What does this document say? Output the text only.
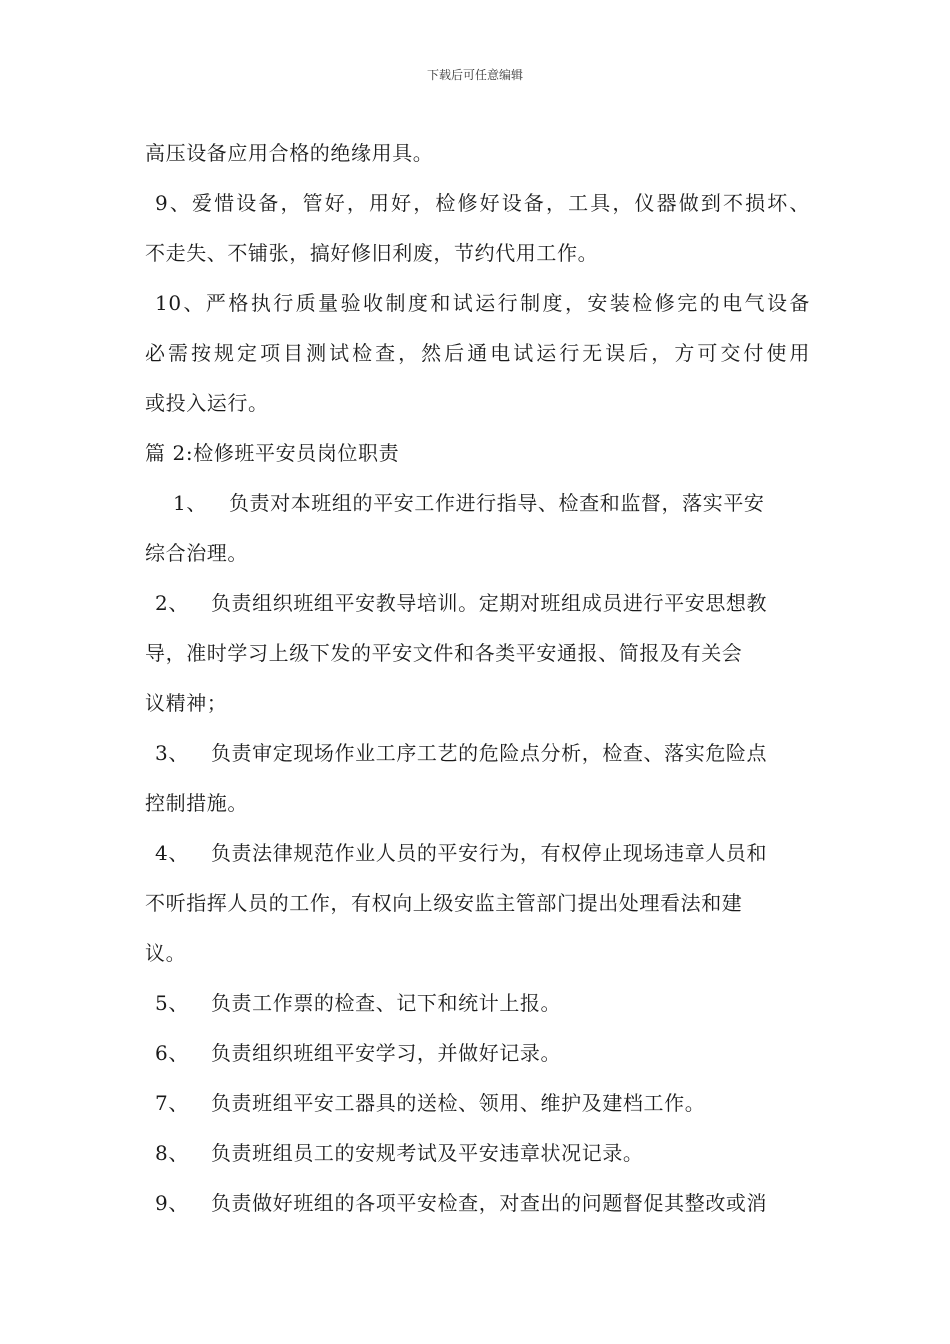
下载后可任意编辑
高压设备应用合格的绝缘用具。
9、爱惜设备，管好，用好，检修好设备，工具，仪器做到不损坏、
不走失、不铺张，搞好修旧利废，节约代用工作。
10、严格执行质量验收制度和试运行制度，安装检修完的电气设备
必需按规定项目测试检查，然后通电试运行无误后，方可交付使用
或投入运行。
篇 2:检修班平安员岗位职责
1、 负责对本班组的平安工作进行指导、检查和监督，落实平安
综合治理。
2、 负责组织班组平安教导培训。定期对班组成员进行平安思想教
导，准时学习上级下发的平安文件和各类平安通报、简报及有关会
议精神；
3、 负责审定现场作业工序工艺的危险点分析，检查、落实危险点
控制措施。
4、 负责法律规范作业人员的平安行为，有权停止现场违章人员和
不听指挥人员的工作，有权向上级安监主管部门提出处理看法和建
议。
5、 负责工作票的检查、记下和统计上报。
6、 负责组织班组平安学习，并做好记录。
7、 负责班组平安工器具的送检、领用、维护及建档工作。
8、 负责班组员工的安规考试及平安违章状况记录。
9、 负责做好班组的各项平安检查，对查出的问题督促其整改或消
